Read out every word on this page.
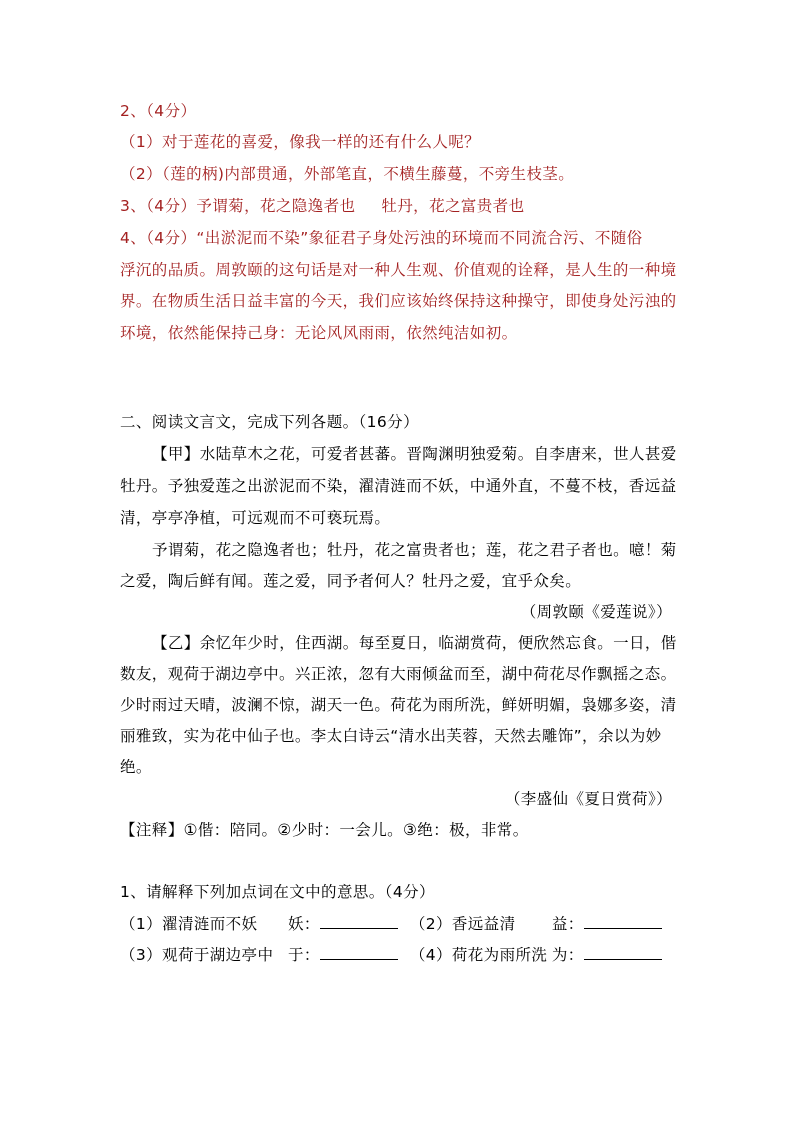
2、（4分）
（1）对于莲花的喜爱，像我一样的还有什么人呢？
（2）（莲的柄)内部贯通，外部笔直，不横生藤蔓，不旁生枝茎。
3、（4分）予谓菊，花之隐逸者也 牡丹，花之富贵者也
4、（4分）“出淤泥而不染”象征君子身处污浊的环境而不同流合污、不随俗
浮沉的品质。周敦颐的这句话是对一种人生观、价值观的诠释，是人生的一种境
界。在物质生活日益丰富的今天，我们应该始终保持这种操守，即使身处污浊的
环境，依然能保持己身：无论风风雨雨，依然纯洁如初。
二、阅读文言文，完成下列各题。（16分）
【甲】水陆草木之花，可爱者甚蕃。晋陶渊明独爱菊。自李唐来，世人甚爱
牡丹。予独爱莲之出淤泥而不染，濯清涟而不妖，中通外直，不蔓不枝，香远益
清，亭亭净植，可远观而不可亵玩焉。
予谓菊，花之隐逸者也；牡丹，花之富贵者也；莲，花之君子者也。噫！菊
之爱，陶后鲜有闻。莲之爱，同予者何人？牡丹之爱，宜乎众矣。
（周敦颐《爱莲说》）
【乙】余忆年少时，住西湖。每至夏日，临湖赏荷，便欣然忘食。一日，偕
数友，观荷于湖边亭中。兴正浓，忽有大雨倾盆而至，湖中荷花尽作飘摇之态。
少时雨过天晴，波澜不惊，湖天一色。荷花为雨所洗，鲜妍明媚，袅娜多姿，清
丽雅致，实为花中仙子也。李太白诗云“清水出芙蓉，天然去雕饰”，余以为妙
绝。
（李盛仙《夏日赏荷》）
【注释】①偕：陪同。②少时：一会儿。③绝：极，非常。
1、请解释下列加点词在文中的意思。（4分）
（1）濯清涟而不妖 妖：	（2）香远益清 益：
（3）观荷于湖边亭中 于：	（4）荷花为雨所洗 为：
